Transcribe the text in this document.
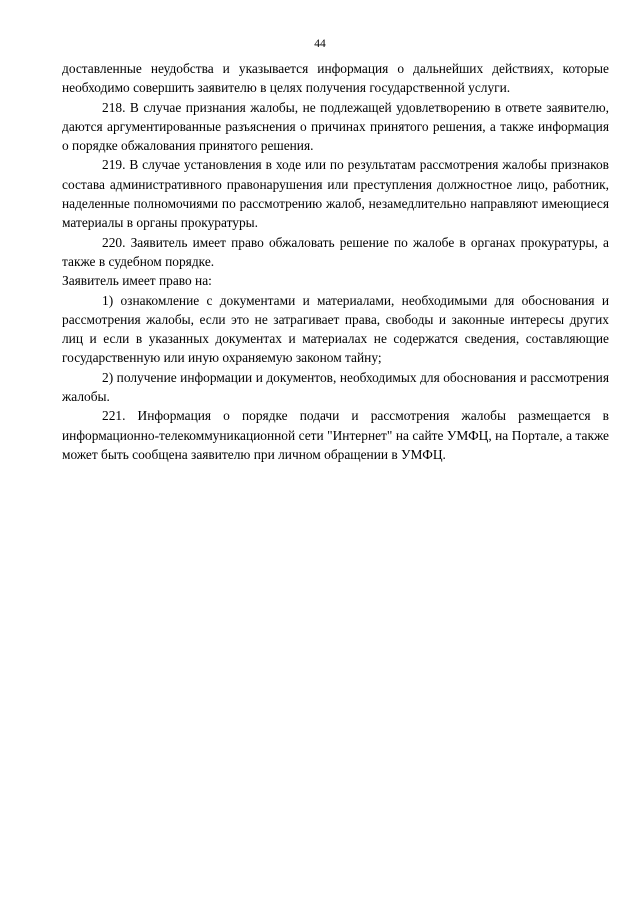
44

доставленные неудобства и указывается информация о дальнейших действиях, которые необходимо совершить заявителю в целях получения государственной услуги.

218. В случае признания жалобы, не подлежащей удовлетворению в ответе заявителю, даются аргументированные разъяснения о причинах принятого решения, а также информация о порядке обжалования принятого решения.

219. В случае установления в ходе или по результатам рассмотрения жалобы признаков состава административного правонарушения или преступления должностное лицо, работник, наделенные полномочиями по рассмотрению жалоб, незамедлительно направляют имеющиеся материалы в органы прокуратуры.

220. Заявитель имеет право обжаловать решение по жалобе в органах прокуратуры, а также в судебном порядке.

Заявитель имеет право на:

1) ознакомление с документами и материалами, необходимыми для обоснования и рассмотрения жалобы, если это не затрагивает права, свободы и законные интересы других лиц и если в указанных документах и материалах не содержатся сведения, составляющие государственную или иную охраняемую законом тайну;

2) получение информации и документов, необходимых для обоснования и рассмотрения жалобы.

221. Информация о порядке подачи и рассмотрения жалобы размещается в информационно-телекоммуникационной сети "Интернет" на сайте УМФЦ, на Портале, а также может быть сообщена заявителю при личном обращении в УМФЦ.
